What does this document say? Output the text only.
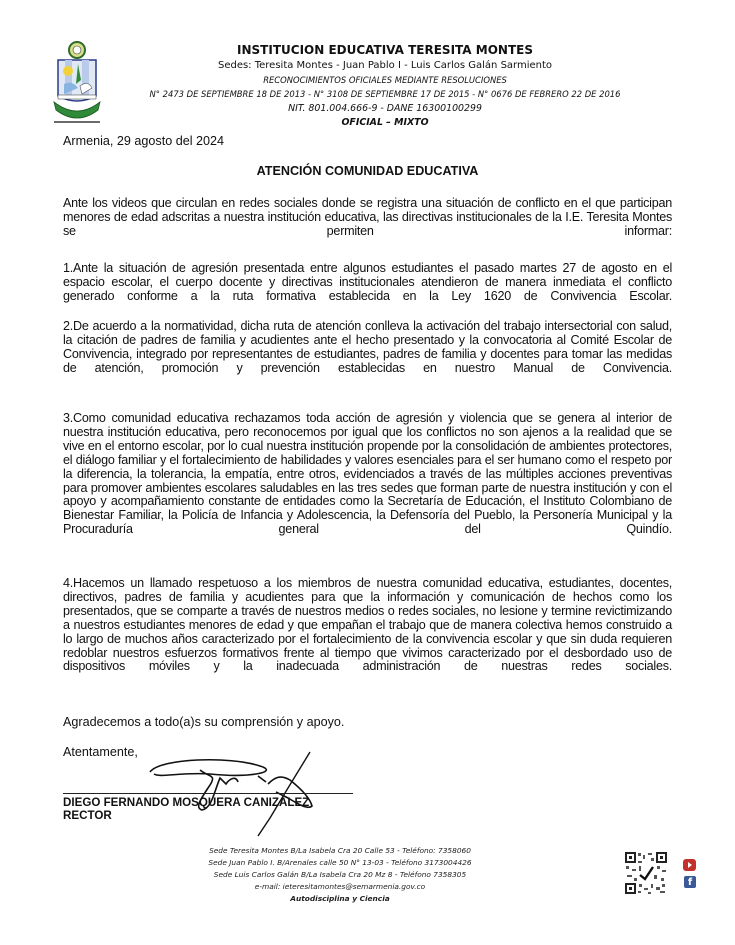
INSTITUCION EDUCATIVA TERESITA MONTES
Sedes: Teresita Montes - Juan Pablo I - Luis Carlos Galán Sarmiento
RECONOCIMIENTOS OFICIALES MEDIANTE RESOLUCIONES
N° 2473 DE SEPTIEMBRE 18 DE 2013 - N° 3108 DE SEPTIEMBRE 17 DE 2015 - N° 0676 DE FEBRERO 22 DE 2016
NIT. 801.004.666-9 - DANE 16300100299
OFICIAL – MIXTO
Armenia, 29 agosto del 2024
ATENCIÓN COMUNIDAD EDUCATIVA
Ante los videos que circulan en redes sociales donde se registra una situación de conflicto en el que participan menores de edad adscritas a nuestra institución educativa, las directivas institucionales de la I.E. Teresita Montes se permiten informar:
1.Ante la situación de agresión presentada entre algunos estudiantes el pasado martes 27 de agosto en el espacio escolar, el cuerpo docente y directivas institucionales atendieron de manera inmediata el conflicto generado conforme a la ruta formativa establecida en la Ley 1620 de Convivencia Escolar.
2.De acuerdo a la normatividad, dicha ruta de atención conlleva la activación del trabajo intersectorial con salud, la citación de padres de familia y acudientes ante el hecho presentado y la convocatoria al Comité Escolar de Convivencia, integrado por representantes de estudiantes, padres de familia y docentes para tomar las medidas de atención, promoción y prevención establecidas en nuestro Manual de Convivencia.
3.Como comunidad educativa rechazamos toda acción de agresión y violencia que se genera al interior de nuestra institución educativa, pero reconocemos por igual que los conflictos no son ajenos a la realidad que se vive en el entorno escolar, por lo cual nuestra institución propende por la consolidación de ambientes protectores, el diálogo familiar y el fortalecimiento de habilidades y valores esenciales para el ser humano como el respeto por la diferencia, la tolerancia, la empatía, entre otros, evidenciados a través de las múltiples acciones preventivas para promover ambientes escolares saludables en las tres sedes que forman parte de nuestra institución y con el apoyo y acompañamiento constante de entidades como la Secretaría de Educación, el Instituto Colombiano de Bienestar Familiar, la Policía de Infancia y Adolescencia, la Defensoría del Pueblo, la Personería Municipal y la Procuraduría general del Quindío.
4.Hacemos un llamado respetuoso a los miembros de nuestra comunidad educativa, estudiantes, docentes, directivos, padres de familia y acudientes para que la información y comunicación de hechos como los presentados, que se comparte a través de nuestros medios o redes sociales, no lesione y termine revictimizando a nuestros estudiantes menores de edad y que empañan el trabajo que de manera colectiva hemos construido a lo largo de muchos años caracterizado por el fortalecimiento de la convivencia escolar y que sin duda requieren redoblar nuestros esfuerzos formativos frente al tiempo que vivimos caracterizado por el desbordado uso de dispositivos móviles y la inadecuada administración de nuestras redes sociales.
Agradecemos a todo(a)s su comprensión y apoyo.
Atentamente,
DIEGO FERNANDO MOSQUERA CANIZALEZ
RECTOR
Sede Teresita Montes B/La Isabela Cra 20 Calle 53 - Teléfono: 7358060
Sede Juan Pablo I. B/Arenales calle 50 N° 13-03 - Teléfono 3173004426
Sede Luis Carlos Galán B/La Isabela Cra 20 Mz 8 - Teléfono 7358305
e-mail: ieteresitamontes@semarmenia.gov.co
Autodisciplina y Ciencia
f
